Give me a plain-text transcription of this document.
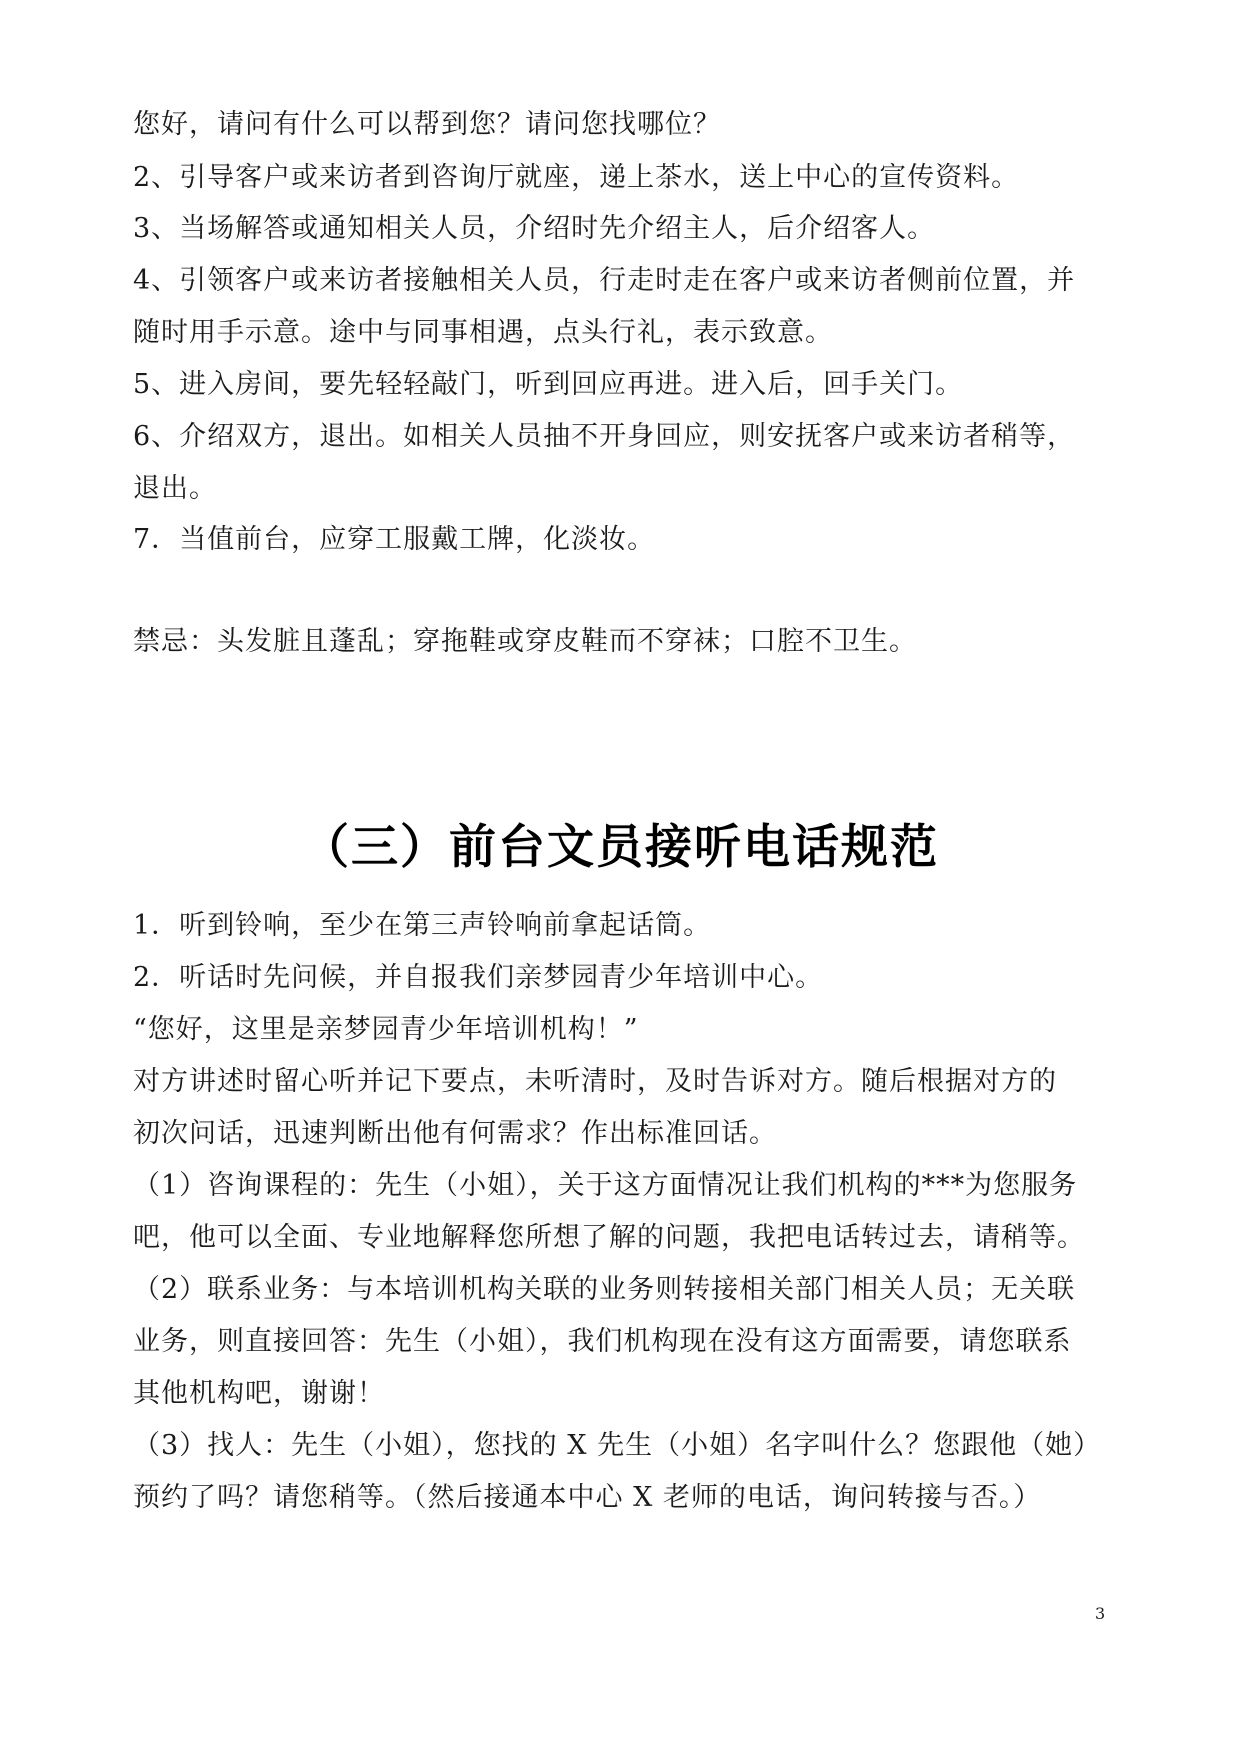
您好，请问有什么可以帮到您？请问您找哪位？
2、引导客户或来访者到咨询厅就座，递上茶水，送上中心的宣传资料。
3、当场解答或通知相关人员，介绍时先介绍主人，后介绍客人。
4、引领客户或来访者接触相关人员，行走时走在客户或来访者侧前位置，并
随时用手示意。途中与同事相遇，点头行礼，表示致意。
5、进入房间，要先轻轻敲门，听到回应再进。进入后，回手关门。
6、介绍双方，退出。如相关人员抽不开身回应，则安抚客户或来访者稍等，
退出。
7．当值前台，应穿工服戴工牌，化淡妆。
禁忌：头发脏且蓬乱；穿拖鞋或穿皮鞋而不穿袜；口腔不卫生。
（三）前台文员接听电话规范
1．听到铃响，至少在第三声铃响前拿起话筒。
2．听话时先问候，并自报我们亲梦园青少年培训中心。
“您好，这里是亲梦园青少年培训机构！”
对方讲述时留心听并记下要点，未听清时，及时告诉对方。随后根据对方的
初次问话，迅速判断出他有何需求？作出标准回话。
（1）咨询课程的：先生（小姐），关于这方面情况让我们机构的***为您服务
吧，他可以全面、专业地解释您所想了解的问题，我把电话转过去，请稍等。
（2）联系业务：与本培训机构关联的业务则转接相关部门相关人员；无关联
业务，则直接回答：先生（小姐），我们机构现在没有这方面需要，请您联系
其他机构吧，谢谢！
（3）找人：先生（小姐），您找的 X 先生（小姐）名字叫什么？您跟他（她）
预约了吗？请您稍等。（然后接通本中心 X 老师的电话，询问转接与否。）
3
